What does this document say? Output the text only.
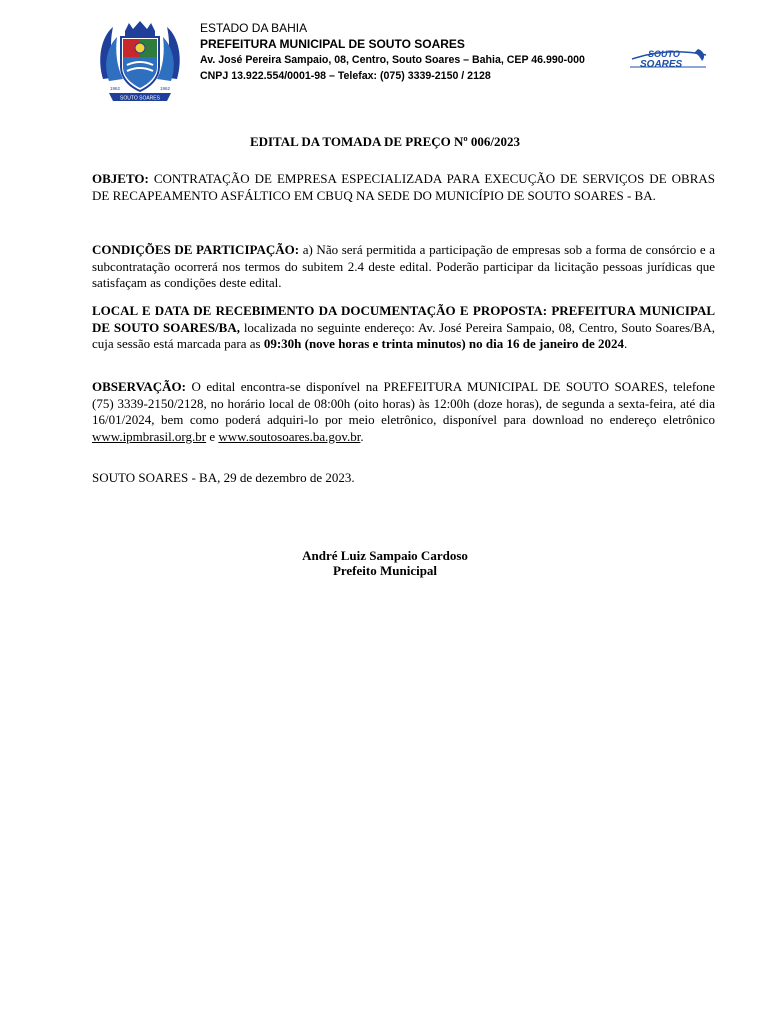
SOUTO SOARES
1962	1962
ESTADO DA BAHIA
PREFEITURA MUNICIPAL DE SOUTO SOARES
Av. José Pereira Sampaio, 08, Centro, Souto Soares – Bahia, CEP 46.990-000
CNPJ 13.922.554/0001-98 – Telefax: (075) 3339-2150 / 2128
SOUTO
SOARES
EDITAL DA TOMADA DE PREÇO Nº 006/2023
OBJETO: CONTRATAÇÃO DE EMPRESA ESPECIALIZADA PARA EXECUÇÃO DE SERVIÇOS DE OBRAS DE RECAPEAMENTO ASFÁLTICO EM CBUQ NA SEDE DO MUNICÍPIO DE SOUTO SOARES - BA.
CONDIÇÕES DE PARTICIPAÇÃO: a) Não será permitida a participação de empresas sob a forma de consórcio e a subcontratação ocorrerá nos termos do subitem 2.4 deste edital. Poderão participar da licitação pessoas jurídicas que satisfaçam as condições deste edital.
LOCAL E DATA DE RECEBIMENTO DA DOCUMENTAÇÃO E PROPOSTA: PREFEITURA MUNICIPAL DE SOUTO SOARES/BA, localizada no seguinte endereço: Av. José Pereira Sampaio, 08, Centro, Souto Soares/BA, cuja sessão está marcada para as 09:30h (nove horas e trinta minutos) no dia 16 de janeiro de 2024.
OBSERVAÇÃO: O edital encontra-se disponível na PREFEITURA MUNICIPAL DE SOUTO SOARES, telefone (75) 3339-2150/2128, no horário local de 08:00h (oito horas) às 12:00h (doze horas), de segunda a sexta-feira, até dia 16/01/2024, bem como poderá adquiri-lo por meio eletrônico, disponível para download no endereço eletrônico www.ipmbrasil.org.br e www.soutosoares.ba.gov.br.
SOUTO SOARES - BA, 29 de dezembro de 2023.
André Luiz Sampaio Cardoso
Prefeito Municipal
